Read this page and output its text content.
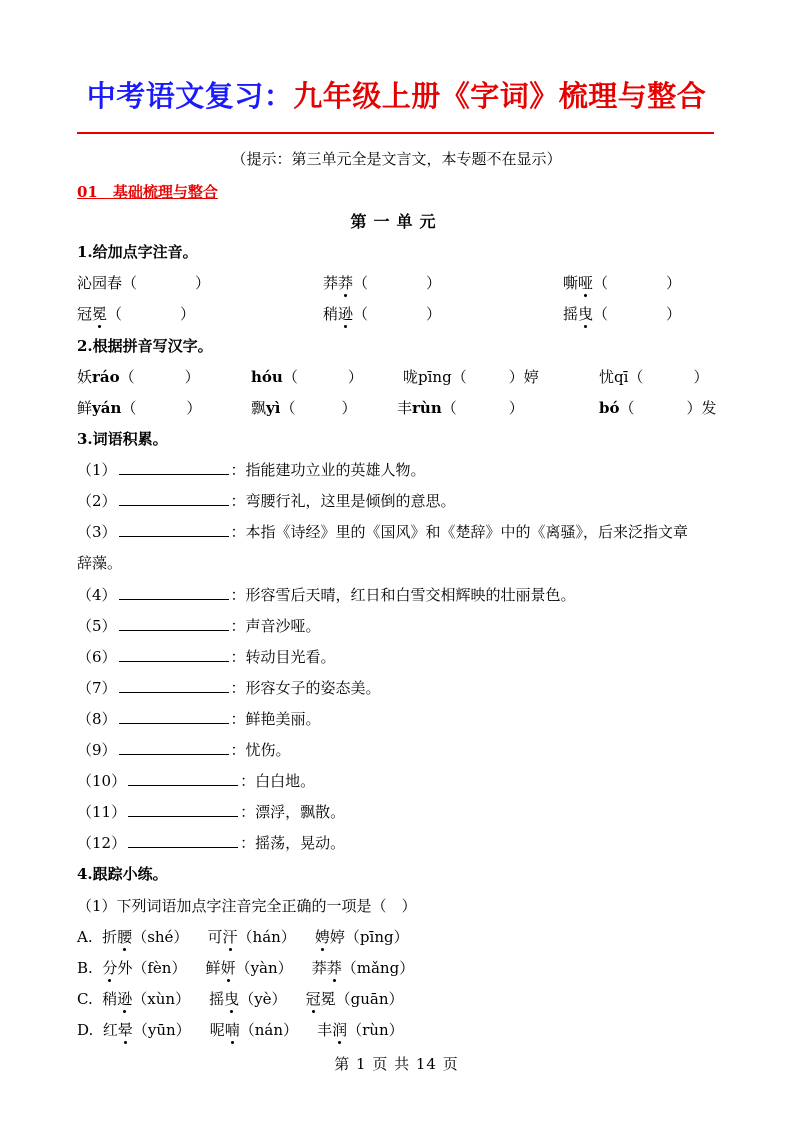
中考语文复习：九年级上册《字词》梳理与整合
（提示：第三单元全是文言文，本专题不在显示）
01　基础梳理与整合
第一单元
1.给加点字注音。
沁园春（	）	莽莽（	）	嘶哑（	）
冠冕（	）	稍逊（	）	摇曳（	）
2.根据拼音写汉字。
妖ráo（	）	hóu（	）	咙pīng（	）婷	忧qī（	）
鲜yán（	）	飘yì（	）	丰rùn（	）	bó（	）发
3.词语积累。
（1）	：指能建功立业的英雄人物。
（2）	：弯腰行礼，这里是倾倒的意思。
（3）	：本指《诗经》里的《国风》和《楚辞》中的《离骚》，后来泛指文章
辞藻。
（4）	：形容雪后天晴，红日和白雪交相辉映的壮丽景色。
（5）	：声音沙哑。
（6）	：转动目光看。
（7）	：形容女子的姿态美。
（8）	：鲜艳美丽。
（9）	：忧伤。
（10）	：白白地。
（11）	：漂浮，飘散。
（12）	：摇荡，晃动。
4.跟踪小练。
（1）下列词语加点字注音完全正确的一项是（　）
A. 折腰（shé） 可汗（hán） 娉婷（pīng）
B. 分外（fèn） 鲜妍（yàn） 莽莽（mǎng）
C. 稍逊（xùn） 摇曳（yè） 冠冕（guān）
D. 红晕（yūn） 呢喃（nán） 丰润（rùn）
第 1 页 共 14 页
